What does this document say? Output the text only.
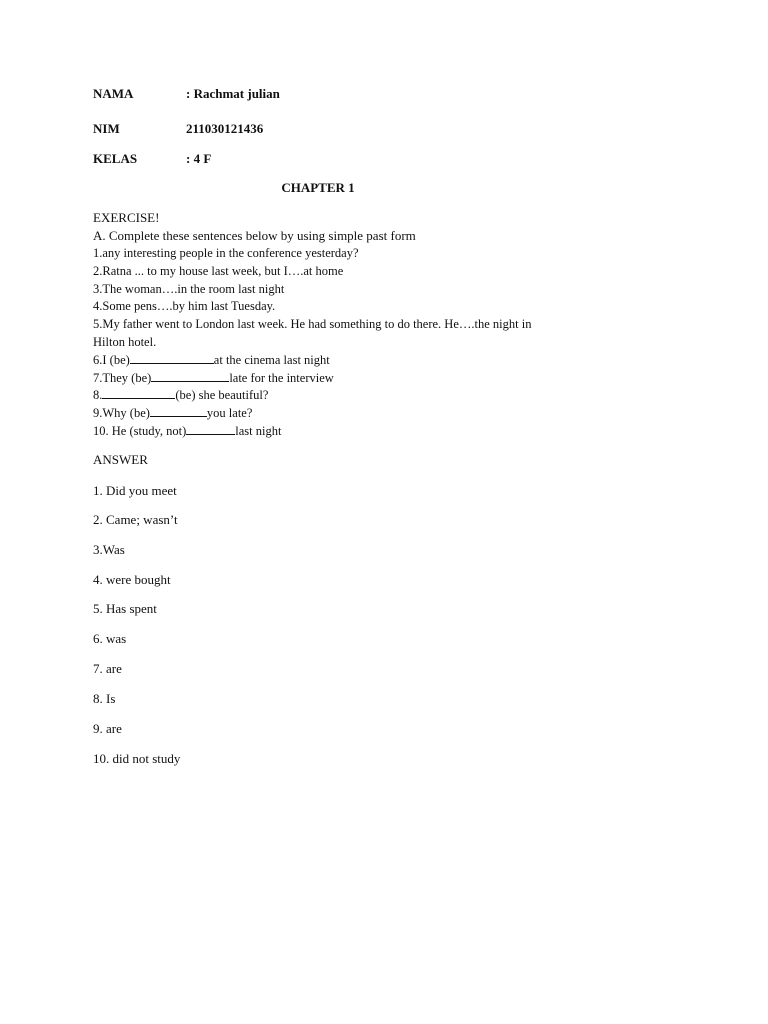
NAMA	: Rachmat julian
NIM	211030121436
KELAS	: 4 F
CHAPTER 1
EXERCISE!
A. Complete these sentences below by using simple past form
1.any interesting people in the conference yesterday?
2.Ratna ... to my house last week, but I….at home
3.The woman….in the room last night
4.Some pens….by him last Tuesday.
5.My father went to London last week. He had something to do there. He….the night in
Hilton hotel.
6.I (be)	at the cinema last night
7.They (be)	late for the interview
8.	(be) she beautiful?
9.Why (be)	you late?
10. He (study, not)	last night
ANSWER
1. Did you meet
2. Came; wasn’t
3.Was
4. were bought
5. Has spent
6. was
7. are
8. Is
9. are
10. did not study
